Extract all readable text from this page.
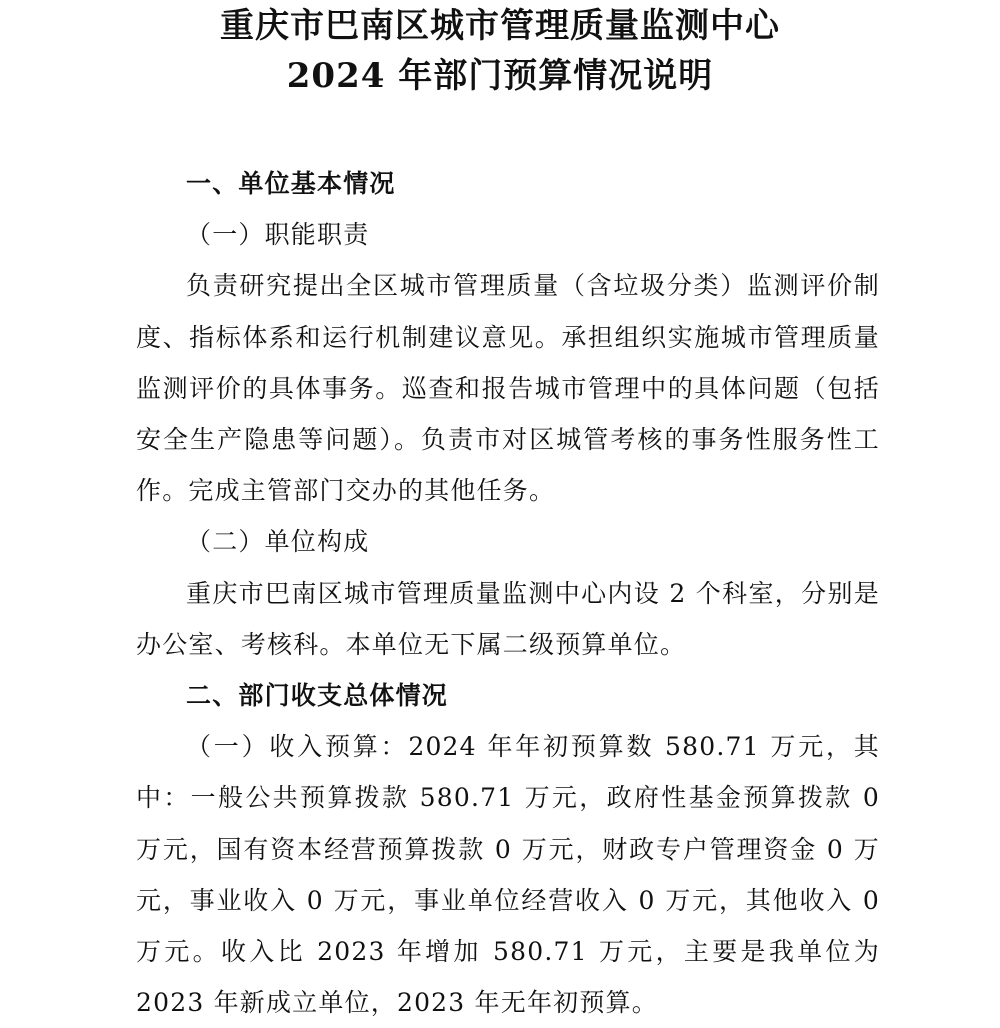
重庆市巴南区城市管理质量监测中心
2024 年部门预算情况说明
一、单位基本情况
（一）职能职责

负责研究提出全区城市管理质量（含垃圾分类）监测评价制度、指标体系和运行机制建议意见。承担组织实施城市管理质量监测评价的具体事务。巡查和报告城市管理中的具体问题（包括安全生产隐患等问题）。负责市对区城管考核的事务性服务性工作。完成主管部门交办的其他任务。

（二）单位构成

重庆市巴南区城市管理质量监测中心内设 2 个科室，分别是办公室、考核科。本单位无下属二级预算单位。

二、部门收支总体情况

（一）收入预算：2024 年年初预算数 580.71 万元，其中：一般公共预算拨款 580.71 万元，政府性基金预算拨款 0 万元，国有资本经营预算拨款 0 万元，财政专户管理资金 0 万元，事业收入 0 万元，事业单位经营收入 0 万元，其他收入 0 万元。收入比 2023 年增加 580.71 万元，主要是我单位为 2023 年新成立单位，2023 年无年初预算。
